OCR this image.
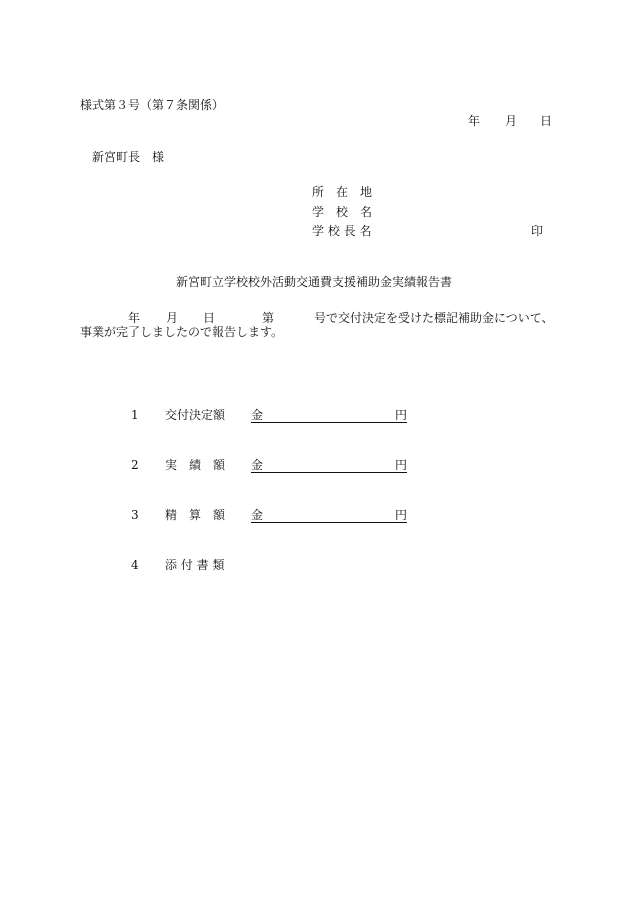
様式第３号（第７条関係）
年 月 日
新宮町長　様
所　在　地
学　校　名
学 校 長 名	印
新宮町立学校校外活動交通費支援補助金実績報告書
年 月 日	第	号で交付決定を受けた標記補助金について、
事業が完了しましたので報告します。
1 交付決定額 金	円
2 実　績　額 金	円
3 精　算　額 金	円
4 添 付 書 類
